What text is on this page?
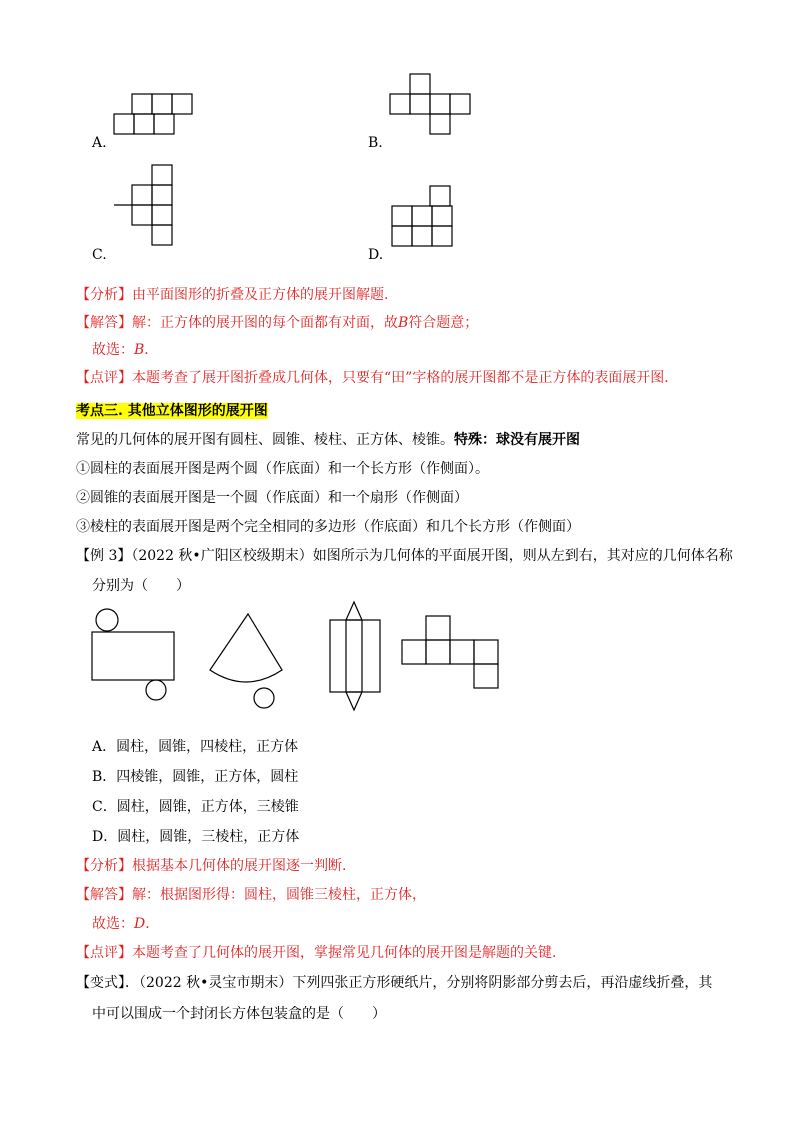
A.	B.
C.	D.
【分析】由平面图形的折叠及正方体的展开图解题.
【解答】解：正方体的展开图的每个面都有对面，故B符合题意；
故选：B.
【点评】本题考查了展开图折叠成几何体，只要有“田”字格的展开图都不是正方体的表面展开图.
考点三. 其他立体图形的展开图
常见的几何体的展开图有圆柱、圆锥、棱柱、正方体、棱锥。特殊：球没有展开图
①圆柱的表面展开图是两个圆（作底面）和一个长方形（作侧面）。
②圆锥的表面展开图是一个圆（作底面）和一个扇形（作侧面）
③棱柱的表面展开图是两个完全相同的多边形（作底面）和几个长方形（作侧面）
【例 3】（2022 秋•广阳区校级期末）如图所示为几何体的平面展开图，则从左到右，其对应的几何体名称
分别为（　　）
A．圆柱，圆锥，四棱柱，正方体
B．四棱锥，圆锥，正方体，圆柱
C．圆柱，圆锥，正方体，三棱锥
D．圆柱，圆锥，三棱柱，正方体
【分析】根据基本几何体的展开图逐一判断.
【解答】解：根据图形得：圆柱，圆锥三棱柱，正方体，
故选：D.
【点评】本题考查了几何体的展开图，掌握常见几何体的展开图是解题的关键.
【变式】．（2022 秋•灵宝市期末）下列四张正方形硬纸片，分别将阴影部分剪去后，再沿虚线折叠，其
中可以围成一个封闭长方体包装盒的是（　　）
